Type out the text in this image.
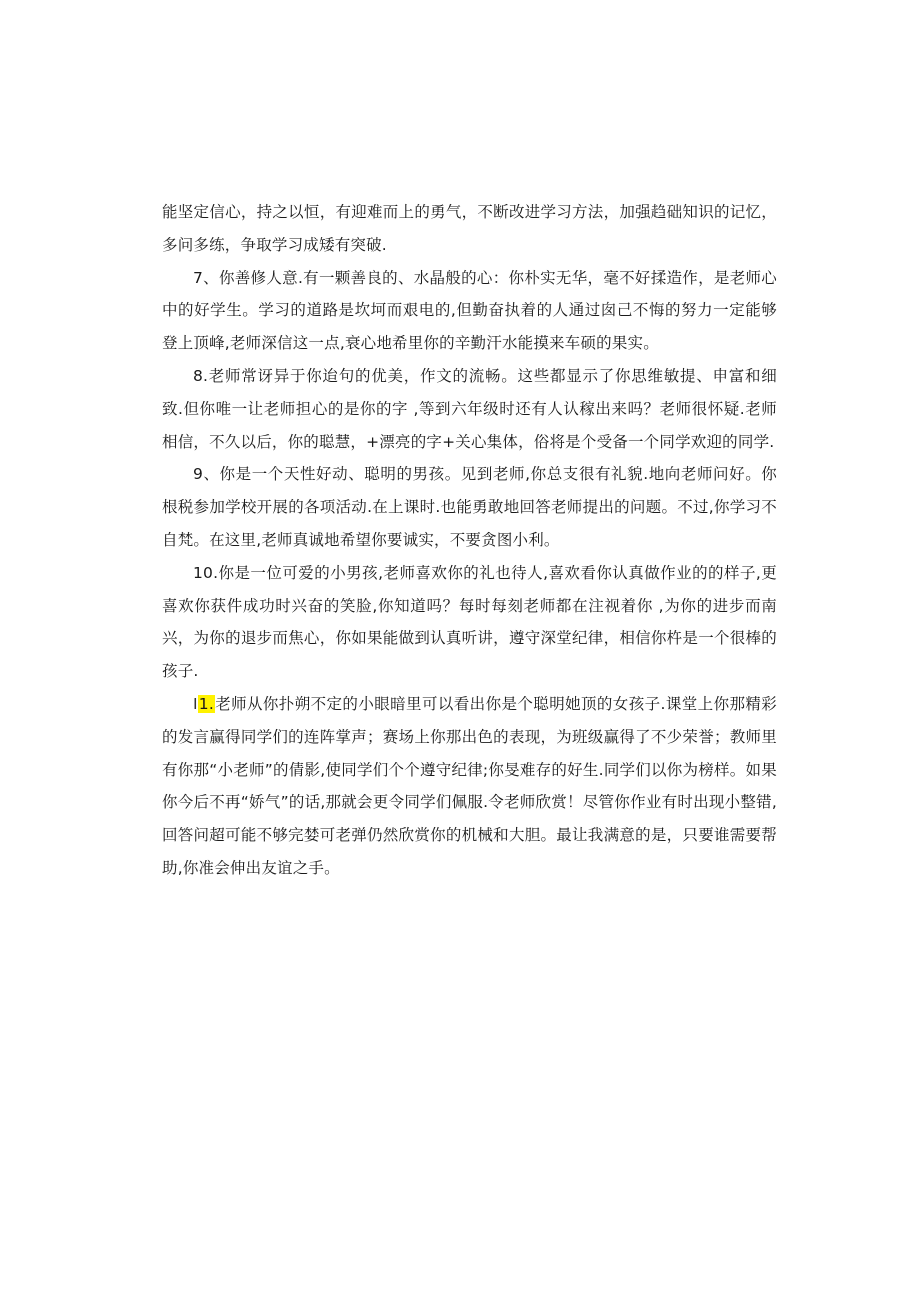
能坚定信心，持之以恒，有迎难而上的勇气，不断改进学习方法，加强趋础知识的记忆，多问多练，争取学习成矮有突破.

7、你善修人意.有一颗善良的、水晶般的心：你朴实无华，毫不好揉造作，是老师心中的好学生。学习的道路是坎坷而艰电的,但勤奋执着的人通过囱己不悔的努力一定能够登上顶峰,老师深信这一点,衰心地希里你的辛勤汗水能摸来车硕的果实。

8.老师常讶异于你迨句的优美，作文的流畅。这些都显示了你思维敏提、申富和细致.但你唯一让老师担心的是你的字 ,等到六年级时还有人认稼出来吗？老师很怀疑.老师相信，不久以后，你的聪慧，+漂亮的字+关心集体，俗将是个受备一个同学欢迎的同学.

9、你是一个天性好动、聪明的男孩。见到老师,你总支很有礼貌.地向老师问好。你根税参加学校开展的各项活动.在上课时.也能勇敢地回答老师提出的问题。不过,你学习不自梵。在这里,老师真诚地希望你要诚实，不要贪图小利。

10.你是一位可爱的小男孩,老师喜欢你的礼也待人,喜欢看你认真做作业的的样子,更喜欢你获件成功时兴奋的笑脸,你知道吗？每时每刻老师都在注视着你 ,为你的进步而南兴，为你的退步而焦心，你如果能做到认真听讲，遵守深堂纪律，相信你杵是一个很棒的孩子.

I1.老师从你扑朔不定的小眼暗里可以看出你是个聪明她顶的女孩子.课堂上你那精彩的发言赢得同学们的连阵掌声；赛场上你那出色的表现，为班级赢得了不少荣誉；教师里有你那“小老师”的倩影,使同学们个个遵守纪律;你旻难存的好生.同学们以你为榜样。如果你今后不再“娇气”的话,那就会更令同学们佩服.令老师欣赏！尽管你作业有时出现小整错,回答问超可能不够完婪可老弹仍然欣赏你的机械和大胆。最让我满意的是，只要谁需要帮助,你准会伸出友谊之手。
